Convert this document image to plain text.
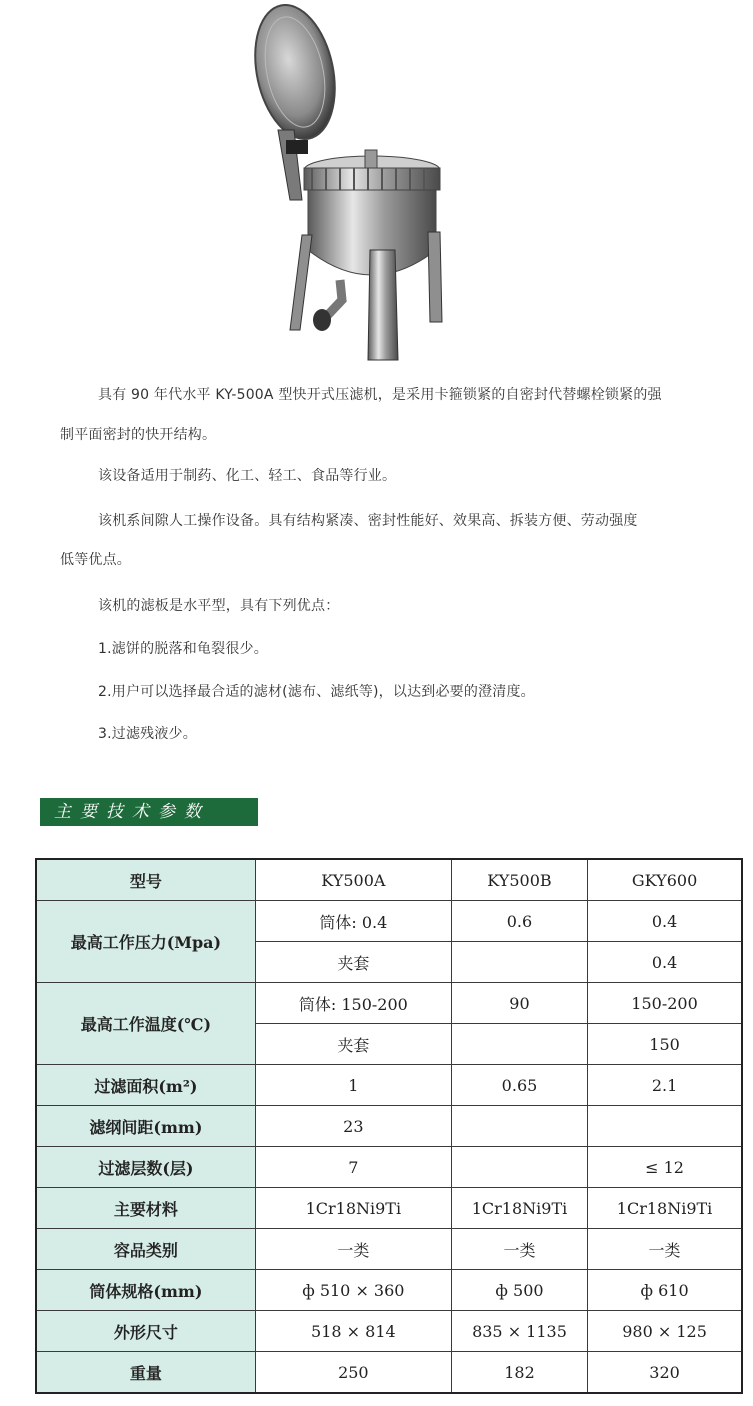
具有 90 年代水平 KY-500A 型快开式压滤机，是采用卡箍锁紧的自密封代替螺栓锁紧的强
制平面密封的快开结构。
该设备适用于制药、化工、轻工、食品等行业。
该机系间隙人工操作设备。具有结构紧凑、密封性能好、效果高、拆装方便、劳动强度
低等优点。
该机的滤板是水平型，具有下列优点：
1.滤饼的脱落和龟裂很少。
2.用户可以选择最合适的滤材(滤布、滤纸等)，以达到必要的澄清度。
3.过滤残液少。
主要技术参数
型号	KY500A	KY500B	GKY600
最高工作压力(Mpa)	筒体: 0.4	0.6	0.4
	夹套		0.4
最高工作温度(℃)	筒体: 150-200	90	150-200
	夹套		150
过滤面积(m²)	1	0.65	2.1
滤纲间距(mm)	23		
过滤层数(层)	7		≤ 12
主要材料	1Cr18Ni9Ti	1Cr18Ni9Ti	1Cr18Ni9Ti
容品类别	一类	一类	一类
筒体规格(mm)	ф 510 × 360	ф 500	ф 610
外形尺寸	518 × 814	835 × 1135	980 × 125
重量	250	182	320
